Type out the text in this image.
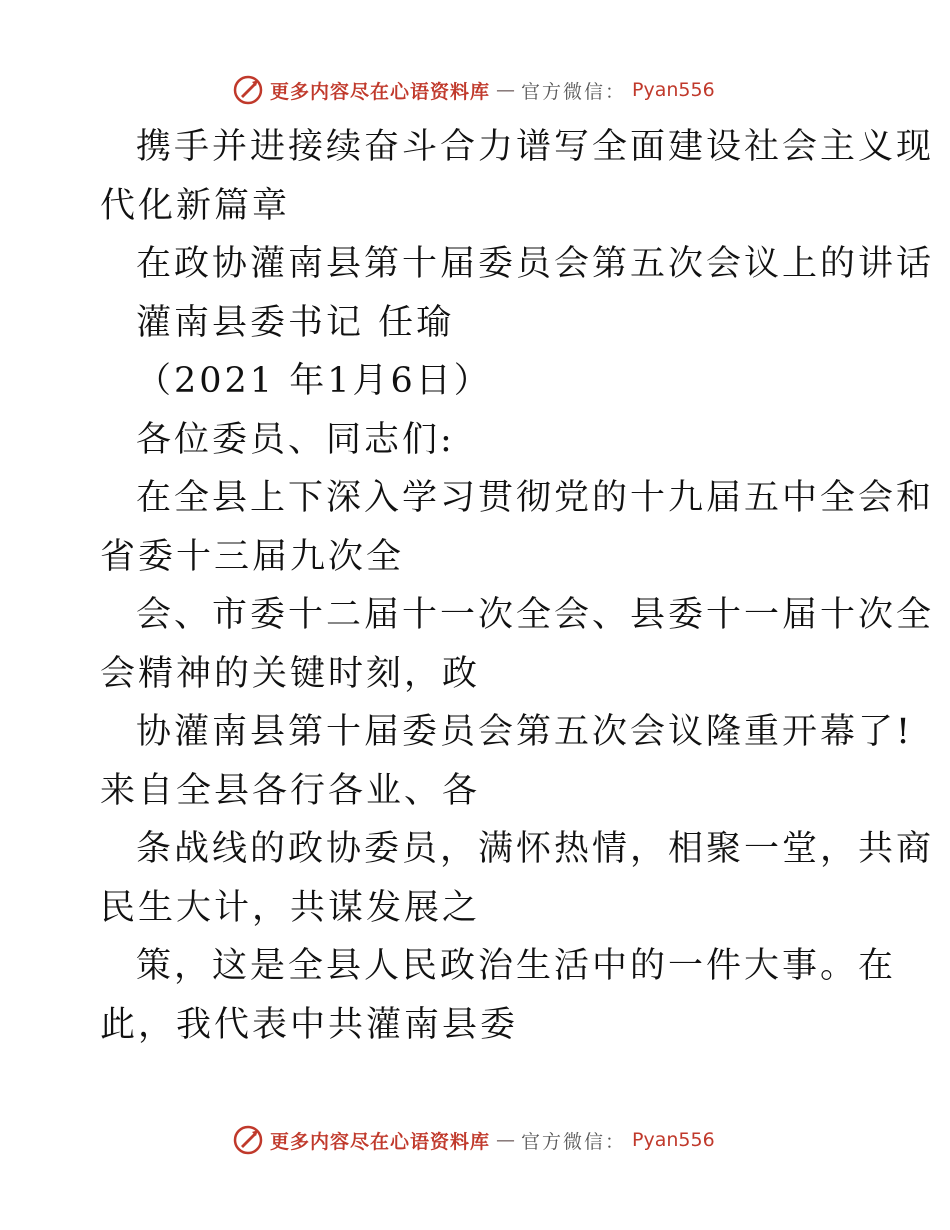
更多内容尽在心语资料库 — 官方微信： Pyan556
携手并进接续奋斗合力谱写全面建设社会主义现
代化新篇章
在政协灌南县第十届委员会第五次会议上的讲话
灌南县委书记 任瑜
（2021 年1月6日）
各位委员、同志们:
在全县上下深入学习贯彻党的十九届五中全会和
省委十三届九次全
会、市委十二届十一次全会、县委十一届十次全
会精神的关键时刻，政
协灌南县第十届委员会第五次会议隆重开幕了!
来自全县各行各业、各
条战线的政协委员，满怀热情，相聚一堂，共商
民生大计，共谋发展之
策，这是全县人民政治生活中的一件大事。在
此，我代表中共灌南县委
更多内容尽在心语资料库 — 官方微信： Pyan556
